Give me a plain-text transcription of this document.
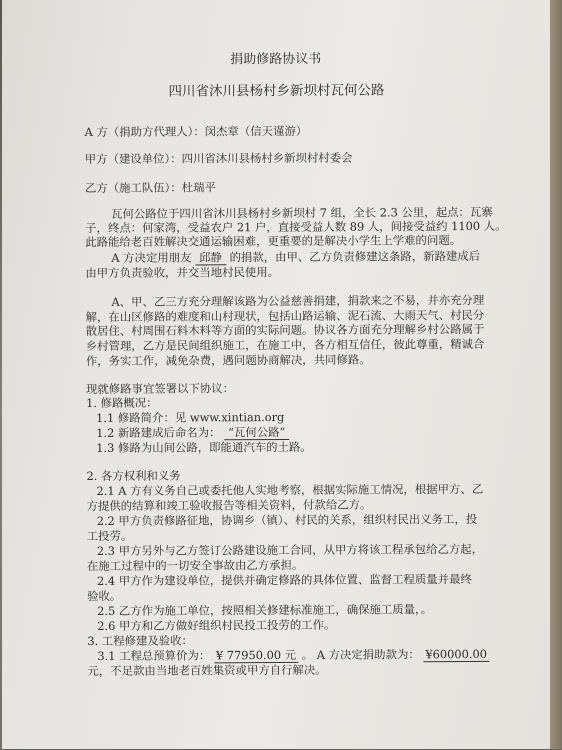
捐助修路协议书
四川省沐川县杨村乡新坝村瓦何公路
A 方（捐助方代理人）：闵杰章（信天谨游）
甲方（建设单位）：四川省沐川县杨村乡新坝村村委会
乙方（施工队伍）：杜瑞平
瓦何公路位于四川省沐川县杨村乡新坝村 7 组，全长 2.3 公里，起点：瓦寨
子，终点：何家湾，受益农户 21 户，直接受益人数 89 人，间接受益约 1100 人。
此路能给老百姓解决交通运输困难，更重要的是解决小学生上学难的问题。
A 方决定用朋友 邱静 的捐款，由甲、乙方负责修建这条路，新路建成后
由甲方负责验收，并交当地村民使用。
A、甲、乙三方充分理解该路为公益慈善捐建，捐款来之不易，并亦充分理
解，在山区修路的难度和山村现状，包括山路运输、泥石流、大雨天气、村民分
散居住、村周围石料木料等方面的实际问题。协议各方面充分理解乡村公路属于
乡村管理，乙方是民间组织施工，在施工中，各方相互信任，彼此尊重，精诚合
作，务实工作，减免杂费，遇问题协商解决，共同修路。
现就修路事宜签署以下协议：
1. 修路概况：
1.1 修路简介：见 www.xintian.org
1.2 新路建成后命名为： “瓦何公路”
1.3 修路为山间公路，即能通汽车的土路。
2. 各方权利和义务
2.1 A 方有义务自己或委托他人实地考察，根据实际施工情况，根据甲方、乙
方提供的结算和竣工验收报告等相关资料，付款给乙方。
2.2 甲方负责修路征地，协调乡（镇）、村民的关系，组织村民出义务工，投
工投劳。
2.3 甲方另外与乙方签订公路建设施工合同，从甲方将该工程承包给乙方起，
在施工过程中的一切安全事故由乙方承担。
2.4 甲方作为建设单位，提供并确定修路的具体位置、监督工程质量并最终
验收。
2.5 乙方作为施工单位，按照相关修建标准施工，确保施工质量，。
2.6 甲方和乙方做好组织村民投工投劳的工作。
3. 工程修建及验收：
3.1 工程总预算价为： ¥ 77950.00 元 。 A 方决定捐助款为： ¥60000.00
元，不足款由当地老百姓集资或甲方自行解决。
